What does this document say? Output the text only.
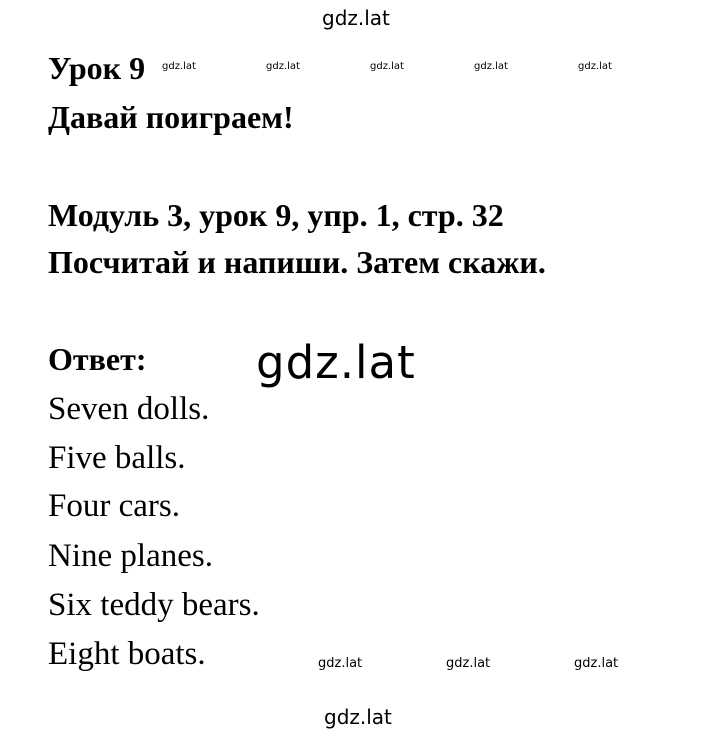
gdz.lat
Урок 9 gdz.lat	gdz.lat	gdz.lat	gdz.lat	gdz.lat
Давай поиграем!
Модуль 3, урок 9, упр. 1, стр. 32
Посчитай и напиши. Затем скажи.
Ответ: gdz.lat
Seven dolls.
Five balls.
Four cars.
Nine planes.
Six teddy bears.
Eight boats.	gdz.lat	gdz.lat	gdz.lat
gdz.lat
